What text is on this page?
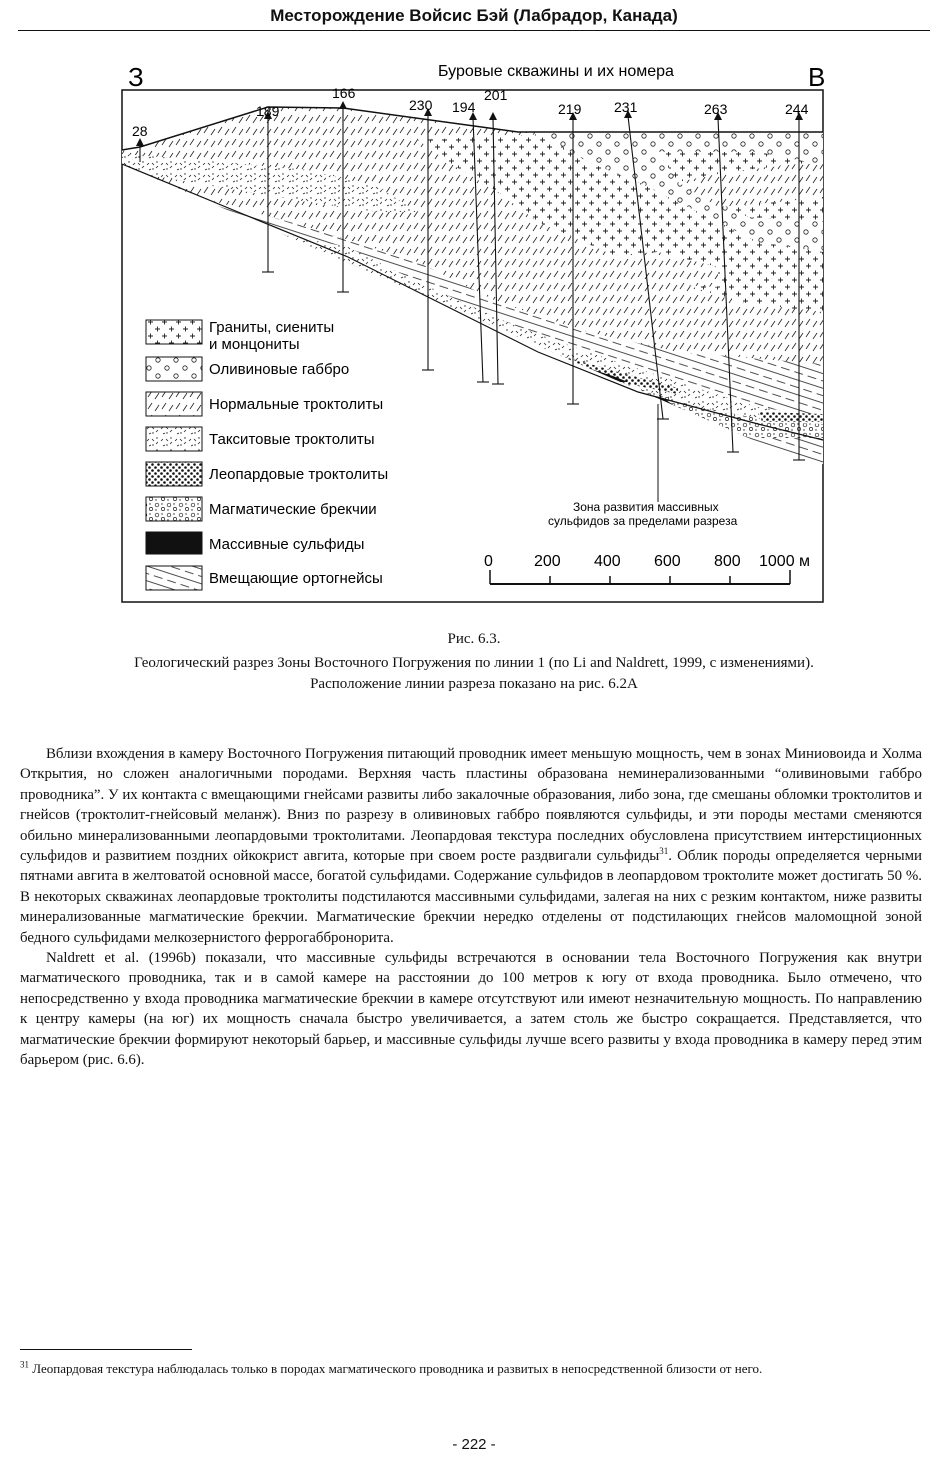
Месторождение Войсис Бэй (Лабрадор, Канада)
З	В
Буровые скважины и их номера
28
189
166
230 194
201
219 231	263	244
Граниты, сиениты
и монцониты
Оливиновые габбро
Нормальные троктолиты
Такситовые троктолиты
Леопардовые троктолиты
Магматические брекчии
Массивные сульфиды
Вмещающие ортогнейсы
Зона развития массивных
сульфидов за пределами разреза
0	200 400 600 800 1000 м
Рис. 6.3.
Геологический разрез Зоны Восточного Погружения по линии 1 (по Li and Naldrett, 1999, с изменениями).
Расположение линии разреза показано на рис. 6.2А

Вблизи вхождения в камеру Восточного Погружения питающий проводник имеет меньшую мощность, чем в зонах Миниовоида и Холма Открытия, но сложен аналогичными породами. Верхняя часть пластины образована неминерализованными “оливиновыми габбро проводника”. У их контакта с вмещающими гнейсами развиты либо закалочные образования, либо зона, где смешаны обломки троктолитов и гнейсов (троктолит-гнейсовый меланж). Вниз по разрезу в оливиновых габбро появляются сульфиды, и эти породы местами сменяются обильно минерализованными леопардовыми троктолитами. Леопардовая текстура последних обусловлена присутствием интерстиционных сульфидов и развитием поздних ойкокрист авгита, которые при своем росте раздвигали сульфиды$^{31}$. Облик породы определяется черными пятнами авгита в желтоватой основной массе, богатой сульфидами. Содержание сульфидов в леопардовом троктолите может достигать 50 %. В некоторых скважинах леопардовые троктолиты подстилаются массивными сульфидами, залегая на них с резким контактом, ниже развиты минерализованные магматические брекчии. Магматические брекчии нередко отделены от подстилающих гнейсов маломощной зоной бедного сульфидами мелкозернистого феррогаббронорита.

Naldrett et al. (1996b) показали, что массивные сульфиды встречаются в основании тела Восточного Погружения как внутри магматического проводника, так и в самой камере на расстоянии до 100 метров к югу от входа проводника. Было отмечено, что непосредственно у входа проводника магматические брекчии в камере отсутствуют или имеют незначительную мощность. По направлению к центру камеры (на юг) их мощность сначала быстро увеличивается, а затем столь же быстро сокращается. Представляется, что магматические брекчии формируют некоторый барьер, и массивные сульфиды лучше всего развиты у входа проводника в камеру перед этим барьером (рис. 6.6).

$^{31}$ Леопардовая текстура наблюдалась только в породах магматического проводника и развитых в непосредственной близости от него.
- 222 -
